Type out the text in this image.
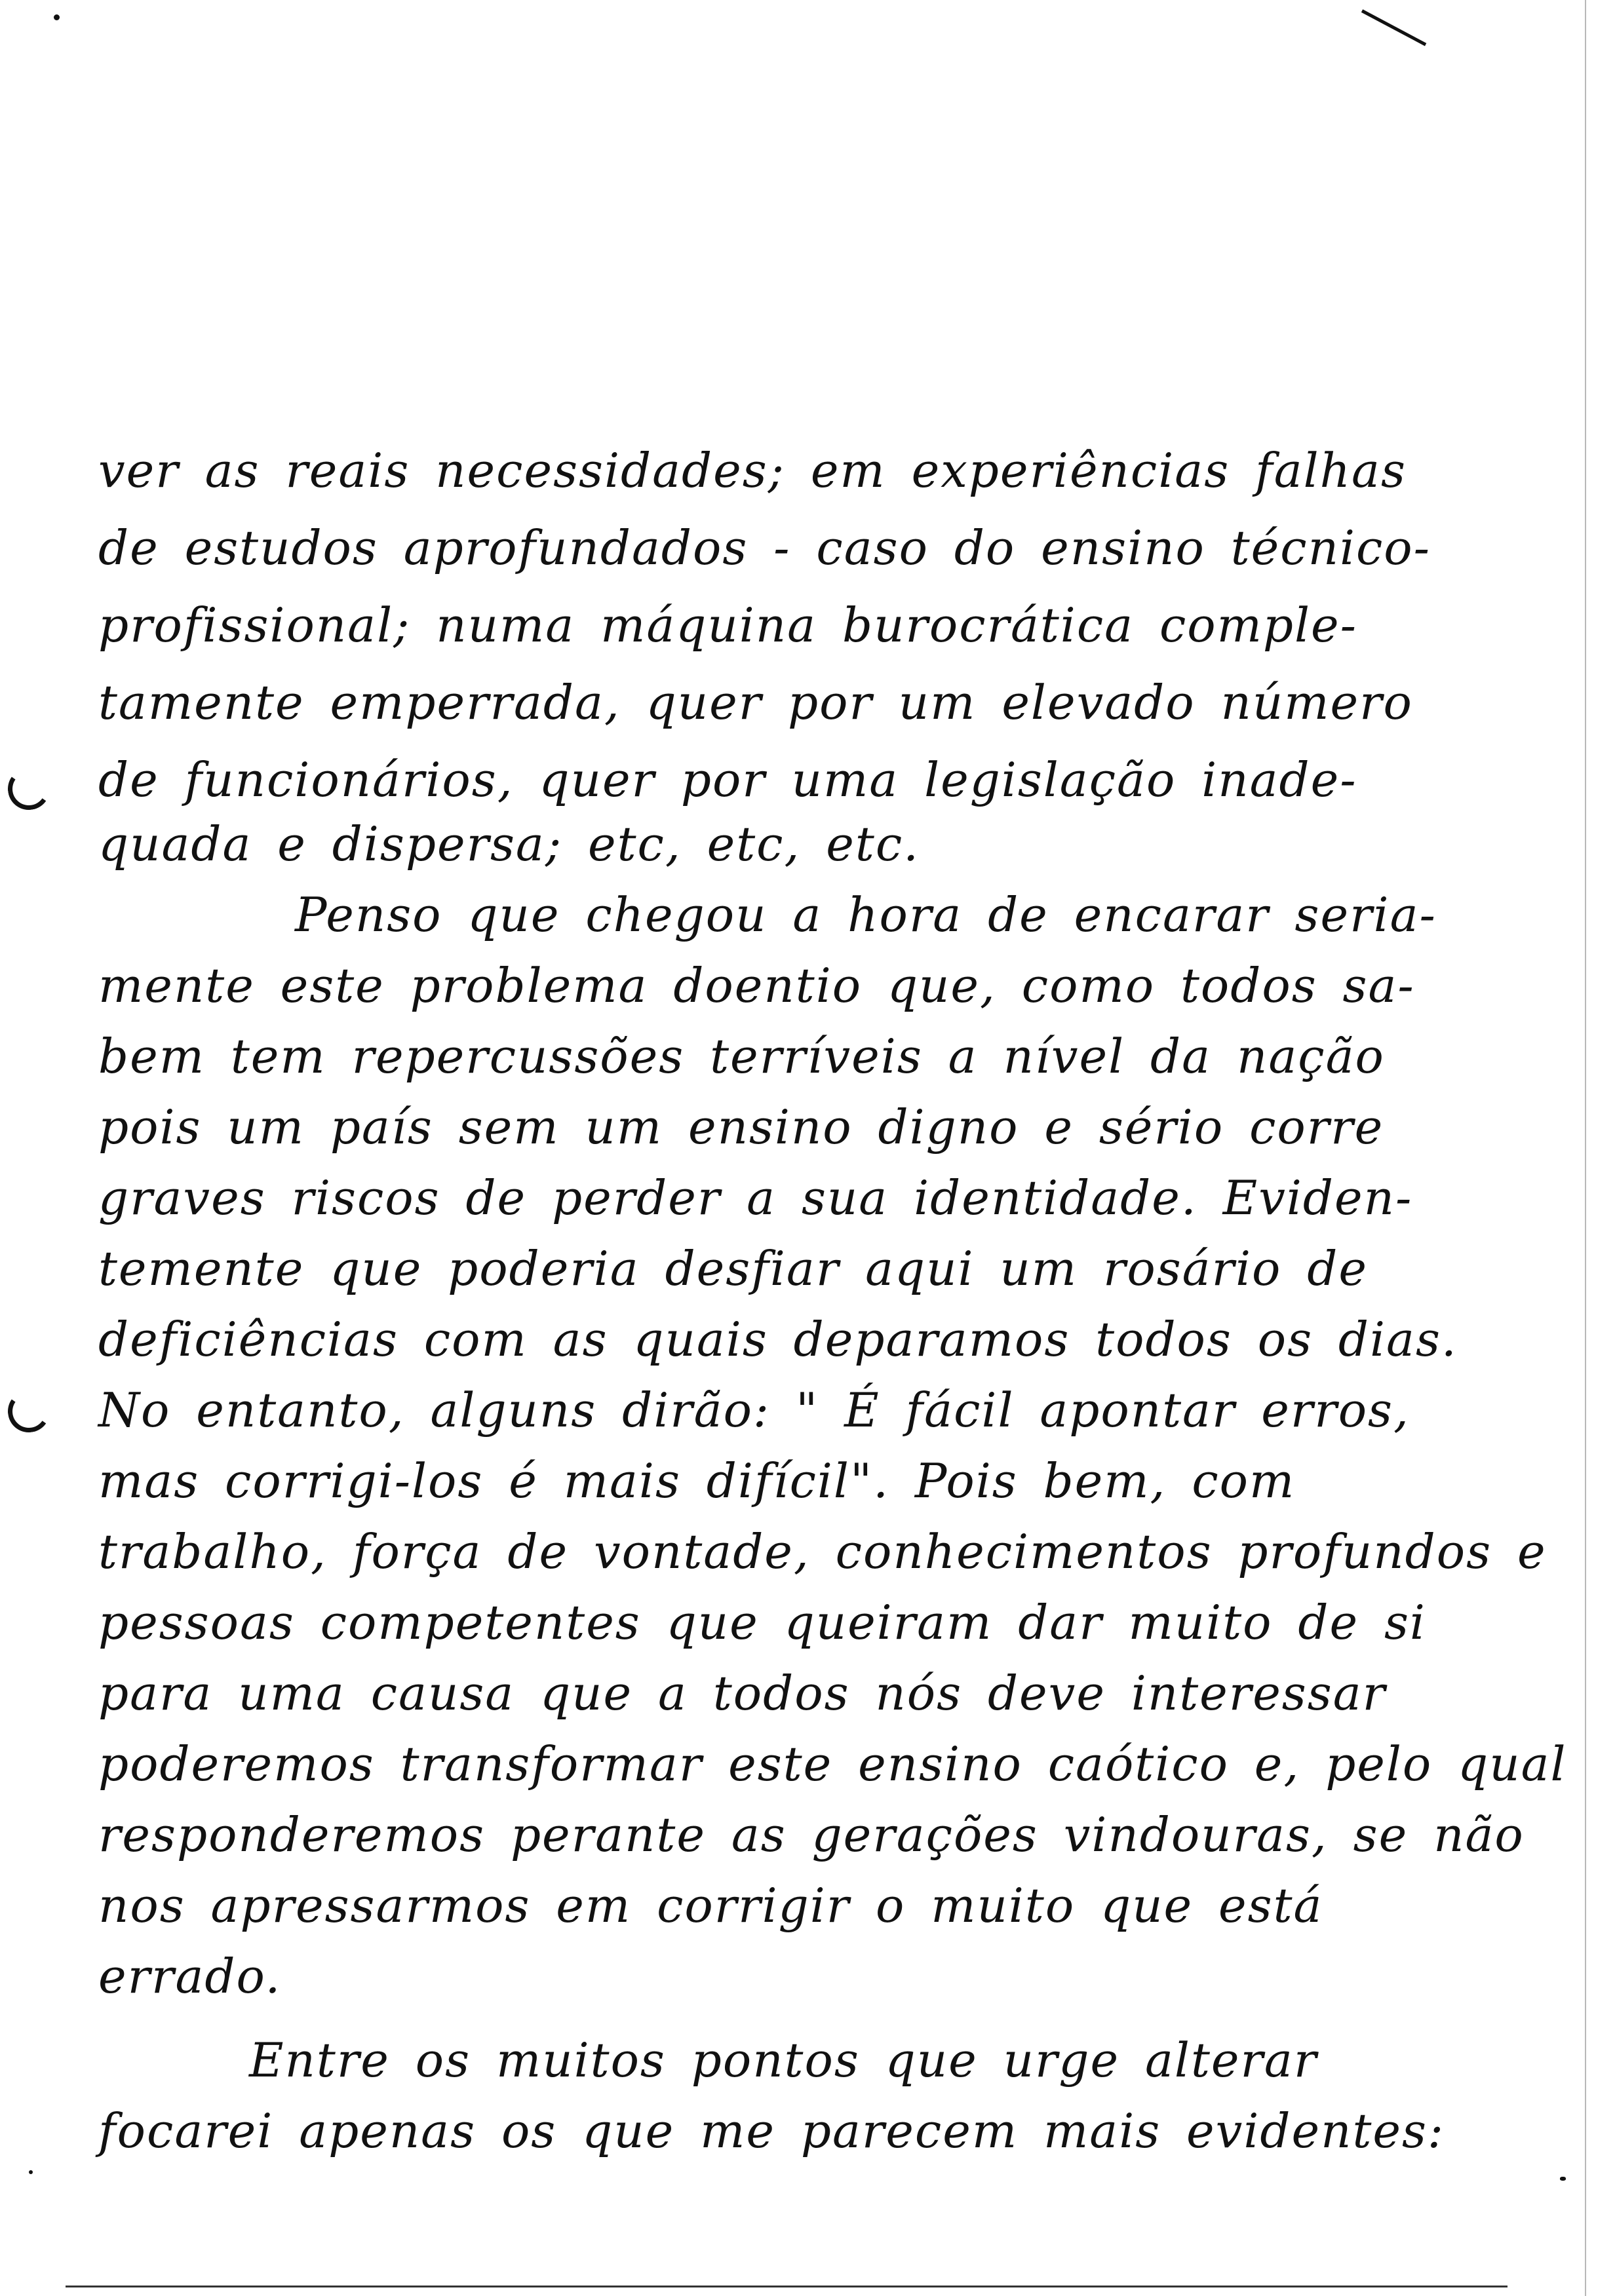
ver as reais necessidades; em experiências falhas
de estudos aprofundados - caso do ensino técnico-
profissional; numa máquina burocrática comple-
tamente emperrada, quer por um elevado número
de funcionários, quer por uma legislação inade-
quada e dispersa; etc, etc, etc.
Penso que chegou a hora de encarar seria-
mente este problema doentio que, como todos sa-
bem tem repercussões terríveis a nível da nação
pois um país sem um ensino digno e sério corre
graves riscos de perder a sua identidade. Eviden-
temente que poderia desfiar aqui um rosário de
deficiências com as quais deparamos todos os dias.
No entanto, alguns dirão: " É fácil apontar erros,
mas corrigi-los é mais difícil". Pois bem, com
trabalho, força de vontade, conhecimentos profundos e
pessoas competentes que queiram dar muito de si
para uma causa que a todos nós deve interessar
poderemos transformar este ensino caótico e, pelo qual
responderemos perante as gerações vindouras, se não
nos apressarmos em corrigir o muito que está
errado.
Entre os muitos pontos que urge alterar
focarei apenas os que me parecem mais evidentes:
